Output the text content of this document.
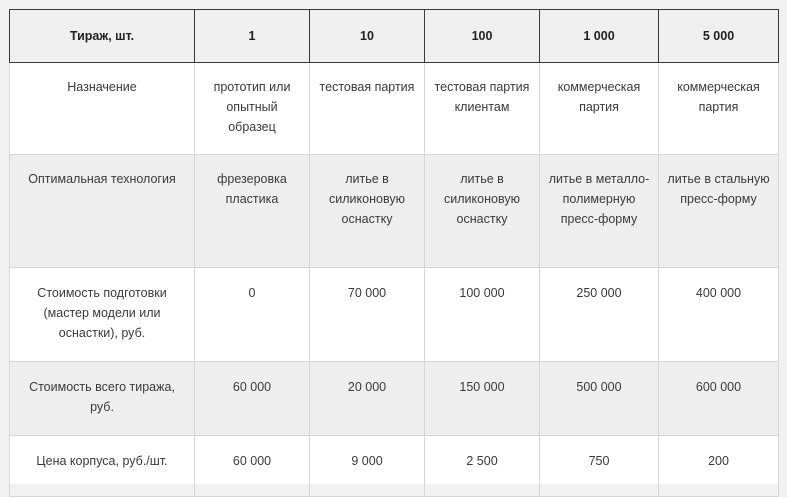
Тираж, шт.	1	10	100	1 000	5 000
Назначение	прототип или опытный образец	тестовая партия	тестовая партия клиентам	коммерческая партия	коммерческая партия
Оптимальная технология	фрезеровка пластика	литье в силиконовую оснастку	литье в силиконовую оснастку	литье в металло-полимерную пресс-форму	литье в стальную пресс-форму
Стоимость подготовки (мастер модели или оснастки), руб.	0	70 000	100 000	250 000	400 000
Стоимость всего тиража, руб.	60 000	20 000	150 000	500 000	600 000
Цена корпуса, руб./шт.	60 000	9 000	2 500	750	200
